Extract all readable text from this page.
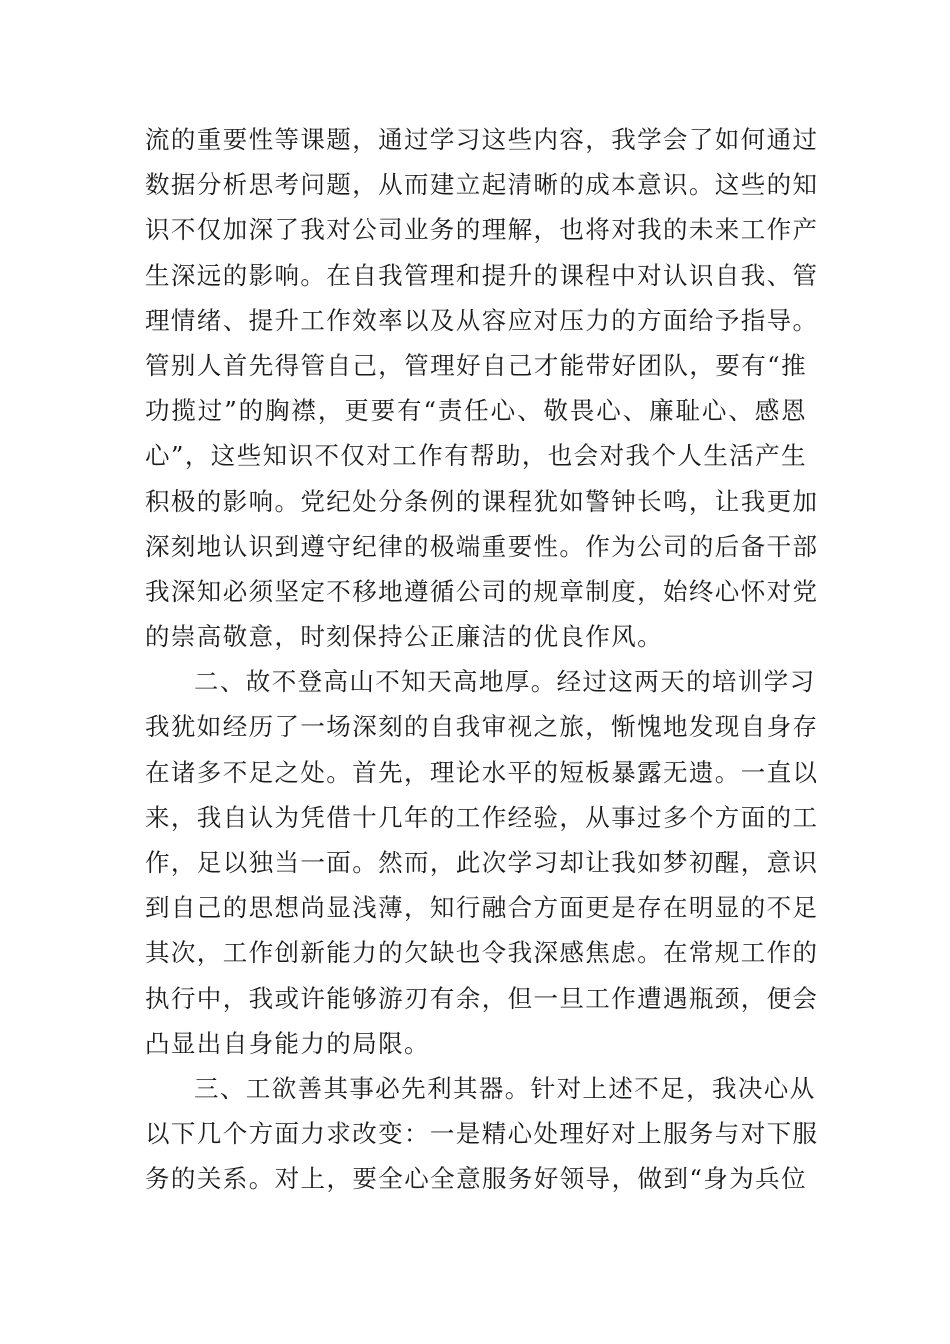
流的重要性等课题，通过学习这些内容，我学会了如何通过
数据分析思考问题，从而建立起清晰的成本意识。这些的知
识不仅加深了我对公司业务的理解，也将对我的未来工作产
生深远的影响。在自我管理和提升的课程中对认识自我、管
理情绪、提升工作效率以及从容应对压力的方面给予指导。
管别人首先得管自己，管理好自己才能带好团队，要有“推
功揽过”的胸襟，更要有“责任心、敬畏心、廉耻心、感恩
心”，这些知识不仅对工作有帮助，也会对我个人生活产生
积极的影响。党纪处分条例的课程犹如警钟长鸣，让我更加
深刻地认识到遵守纪律的极端重要性。作为公司的后备干部
我深知必须坚定不移地遵循公司的规章制度，始终心怀对党
的崇高敬意，时刻保持公正廉洁的优良作风。
二、故不登高山不知天高地厚。经过这两天的培训学习
我犹如经历了一场深刻的自我审视之旅，惭愧地发现自身存
在诸多不足之处。首先，理论水平的短板暴露无遗。一直以
来，我自认为凭借十几年的工作经验，从事过多个方面的工
作，足以独当一面。然而，此次学习却让我如梦初醒，意识
到自己的思想尚显浅薄，知行融合方面更是存在明显的不足
其次，工作创新能力的欠缺也令我深感焦虑。在常规工作的
执行中，我或许能够游刃有余，但一旦工作遭遇瓶颈，便会
凸显出自身能力的局限。
三、工欲善其事必先利其器。针对上述不足，我决心从
以下几个方面力求改变：一是精心处理好对上服务与对下服
务的关系。对上，要全心全意服务好领导，做到“身为兵位
